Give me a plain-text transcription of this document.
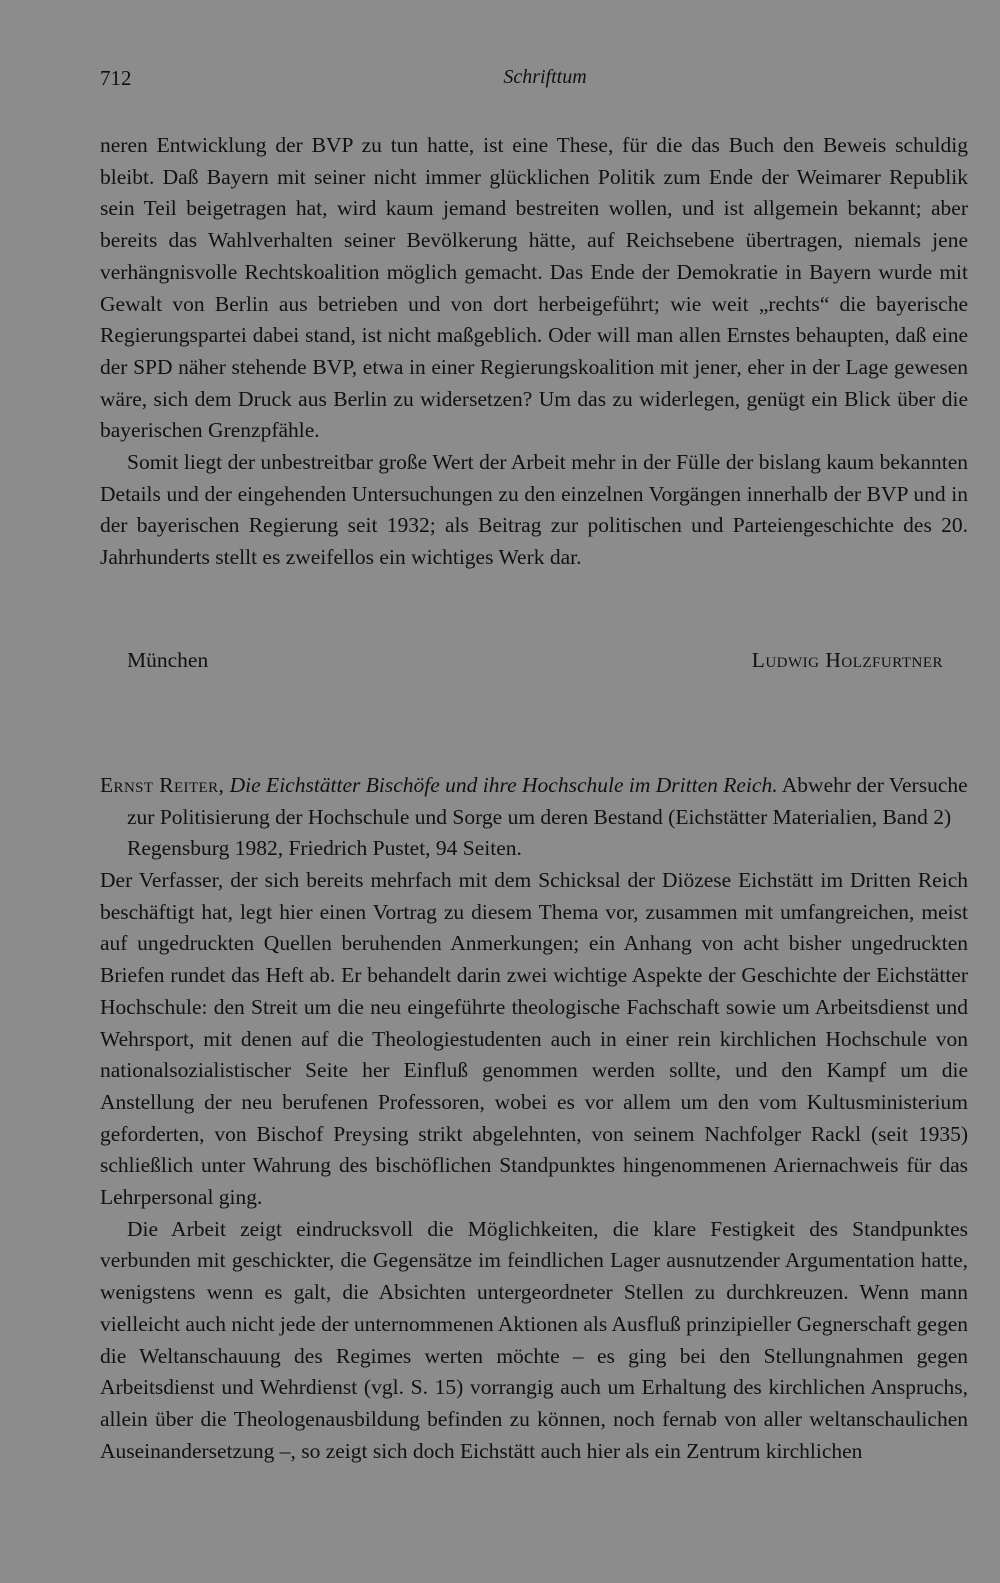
712	Schrifttum

neren Entwicklung der BVP zu tun hatte, ist eine These, für die das Buch den Beweis schuldig bleibt. Daß Bayern mit seiner nicht immer glücklichen Politik zum Ende der Weimarer Republik sein Teil beigetragen hat, wird kaum jemand bestreiten wollen, und ist allgemein bekannt; aber bereits das Wahlverhalten seiner Bevölkerung hätte, auf Reichsebene übertragen, niemals jene verhängnisvolle Rechtskoalition möglich gemacht. Das Ende der Demokratie in Bayern wurde mit Gewalt von Berlin aus betrieben und von dort herbeigeführt; wie weit „rechts“ die bayerische Regierungspartei dabei stand, ist nicht maßgeblich. Oder will man allen Ernstes behaupten, daß eine der SPD näher stehende BVP, etwa in einer Regierungskoalition mit jener, eher in der Lage gewesen wäre, sich dem Druck aus Berlin zu widersetzen? Um das zu widerlegen, genügt ein Blick über die bayerischen Grenzpfähle.

Somit liegt der unbestreitbar große Wert der Arbeit mehr in der Fülle der bislang kaum bekannten Details und der eingehenden Untersuchungen zu den einzelnen Vorgängen innerhalb der BVP und in der bayerischen Regierung seit 1932; als Beitrag zur politischen und Parteiengeschichte des 20. Jahrhunderts stellt es zweifellos ein wichtiges Werk dar.

München	Ludwig Holzfurtner

Ernst Reiter, Die Eichstätter Bischöfe und ihre Hochschule im Dritten Reich. Abwehr der Versuche zur Politisierung der Hochschule und Sorge um deren Bestand (Eichstätter Materialien, Band 2) Regensburg 1982, Friedrich Pustet, 94 Seiten.

Der Verfasser, der sich bereits mehrfach mit dem Schicksal der Diözese Eichstätt im Dritten Reich beschäftigt hat, legt hier einen Vortrag zu diesem Thema vor, zusammen mit umfangreichen, meist auf ungedruckten Quellen beruhenden Anmerkungen; ein Anhang von acht bisher ungedruckten Briefen rundet das Heft ab. Er behandelt darin zwei wichtige Aspekte der Geschichte der Eichstätter Hochschule: den Streit um die neu eingeführte theologische Fachschaft sowie um Arbeitsdienst und Wehrsport, mit denen auf die Theologiestudenten auch in einer rein kirchlichen Hochschule von nationalsozialistischer Seite her Einfluß genommen werden sollte, und den Kampf um die Anstellung der neu berufenen Professoren, wobei es vor allem um den vom Kultusministerium geforderten, von Bischof Preysing strikt abgelehnten, von seinem Nachfolger Rackl (seit 1935) schließlich unter Wahrung des bischöflichen Standpunktes hingenommenen Ariernachweis für das Lehrpersonal ging.

Die Arbeit zeigt eindrucksvoll die Möglichkeiten, die klare Festigkeit des Standpunktes verbunden mit geschickter, die Gegensätze im feindlichen Lager ausnutzender Argumentation hatte, wenigstens wenn es galt, die Absichten untergeordneter Stellen zu durchkreuzen. Wenn mann vielleicht auch nicht jede der unternommenen Aktionen als Ausfluß prinzipieller Gegnerschaft gegen die Weltanschauung des Regimes werten möchte – es ging bei den Stellungnahmen gegen Arbeitsdienst und Wehrdienst (vgl. S. 15) vorrangig auch um Erhaltung des kirchlichen Anspruchs, allein über die Theologenausbildung befinden zu können, noch fernab von aller weltanschaulichen Auseinandersetzung –, so zeigt sich doch Eichstätt auch hier als ein Zentrum kirchlichen
